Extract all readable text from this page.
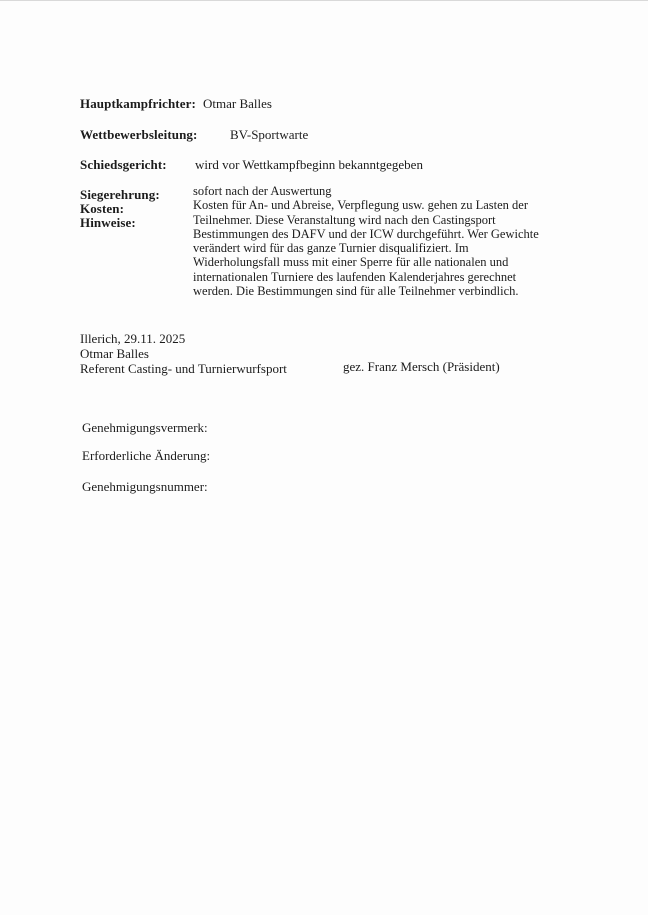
Hauptkampfrichter: Otmar Balles
Wettbewerbsleitung:	BV-Sportwarte
Schiedsgericht: wird vor Wettkampfbeginn bekanntgegeben
Siegerehrung:
Kosten:
Hinweise:
sofort nach der Auswertung
Kosten für An- und Abreise, Verpflegung usw. gehen zu Lasten der
Teilnehmer. Diese Veranstaltung wird nach den Castingsport
Bestimmungen des DAFV und der ICW durchgeführt. Wer Gewichte
verändert wird für das ganze Turnier disqualifiziert. Im
Widerholungsfall muss mit einer Sperre für alle nationalen und
internationalen Turniere des laufenden Kalenderjahres gerechnet
werden. Die Bestimmungen sind für alle Teilnehmer verbindlich.
Illerich, 29.11. 2025
Otmar Balles
Referent Casting- und Turnierwurfsport	gez. Franz Mersch (Präsident)
Genehmigungsvermerk:
Erforderliche Änderung:
Genehmigungsnummer:
